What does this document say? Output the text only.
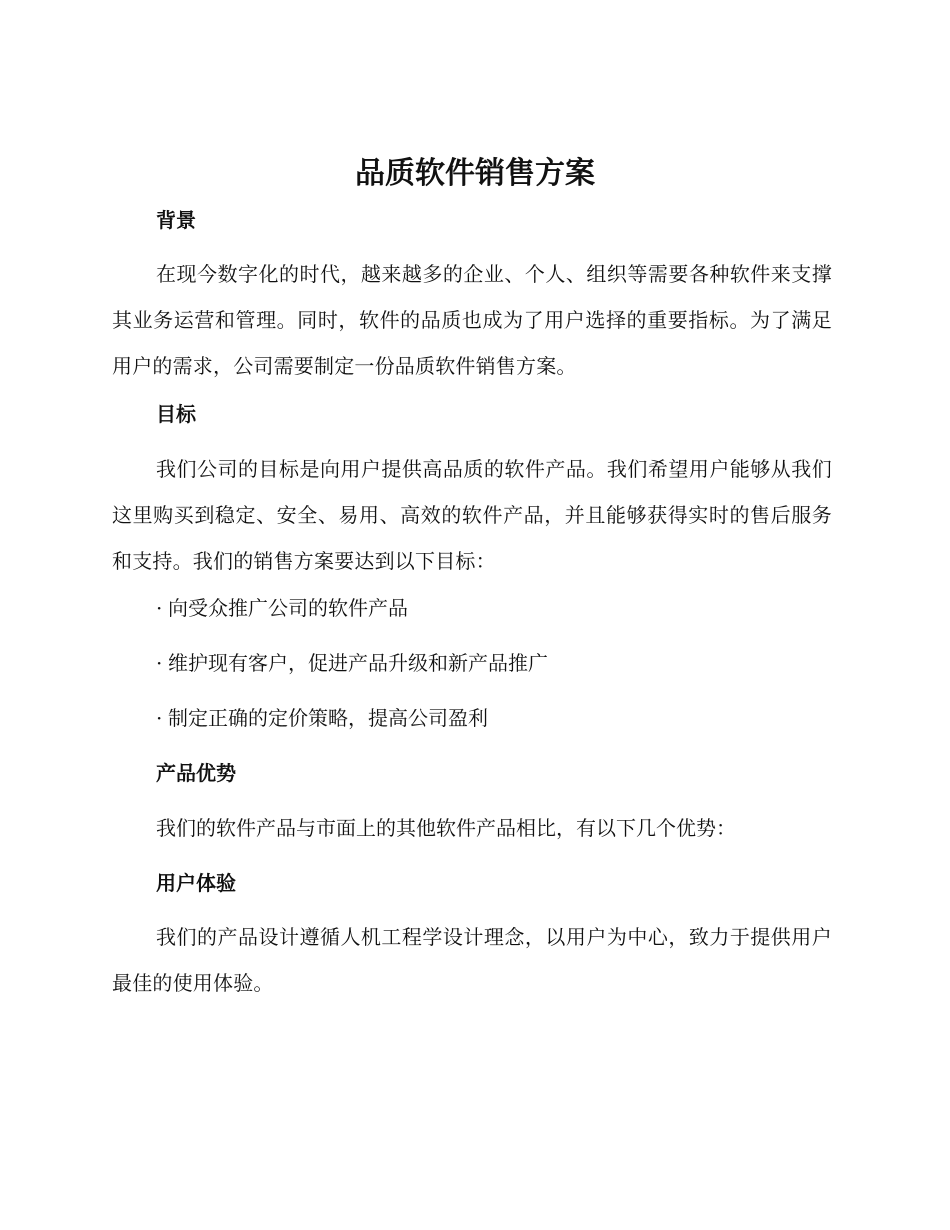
品质软件销售方案
背景

在现今数字化的时代，越来越多的企业、个人、组织等需要各种软件来支撑其业务运营和管理。同时，软件的品质也成为了用户选择的重要指标。为了满足用户的需求，公司需要制定一份品质软件销售方案。

目标

我们公司的目标是向用户提供高品质的软件产品。我们希望用户能够从我们这里购买到稳定、安全、易用、高效的软件产品，并且能够获得实时的售后服务和支持。我们的销售方案要达到以下目标：

· 向受众推广公司的软件产品

· 维护现有客户，促进产品升级和新产品推广

· 制定正确的定价策略，提高公司盈利

产品优势

我们的软件产品与市面上的其他软件产品相比，有以下几个优势：

用户体验

我们的产品设计遵循人机工程学设计理念，以用户为中心，致力于提供用户最佳的使用体验。
